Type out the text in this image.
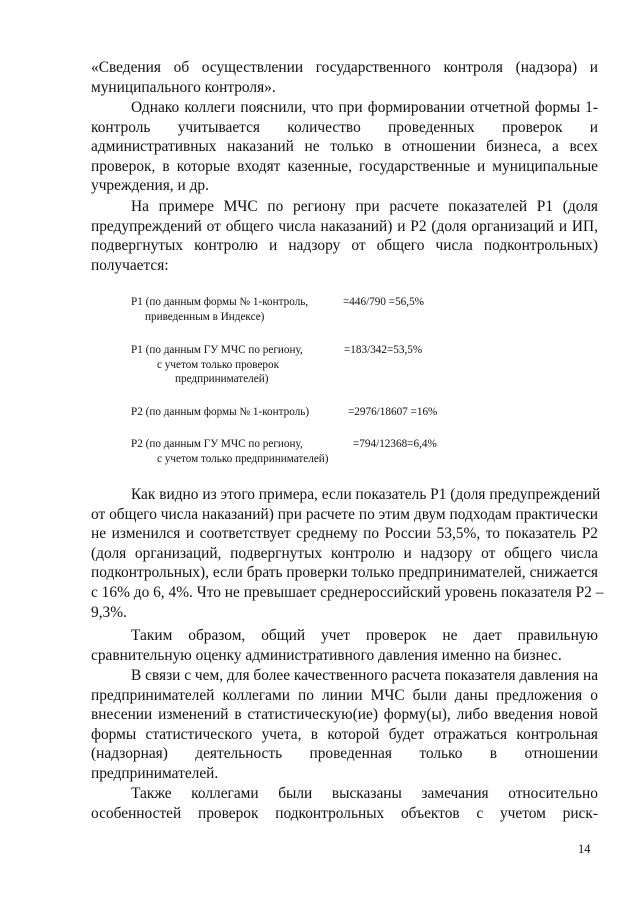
«Сведения об осуществлении государственного контроля (надзора) и
муниципального контроля».
Однако коллеги пояснили, что при формировании отчетной формы 1-
контроль учитывается количество проведенных проверок и
административных наказаний не только в отношении бизнеса, а всех
проверок, в которые входят казенные, государственные и муниципальные
учреждения, и др.
На примере МЧС по региону при расчете показателей Р1 (доля
предупреждений от общего числа наказаний) и Р2 (доля организаций и ИП,
подвергнутых контролю и надзору от общего числа подконтрольных)
получается:
Р1 (по данным формы № 1-контроль,	=446/790 =56,5%
приведенным в Индексе)
Р1 (по данным ГУ МЧС по региону,	=183/342=53,5%
с учетом только проверок
предпринимателей)
Р2 (по данным формы № 1-контроль)	=2976/18607 =16%
Р2 (по данным ГУ МЧС по региону,	=794/12368=6,4%
с учетом только предпринимателей)
Как видно из этого примера, если показатель Р1 (доля предупреждений
от общего числа наказаний) при расчете по этим двум подходам практически
не изменился и соответствует среднему по России 53,5%, то показатель Р2
(доля организаций, подвергнутых контролю и надзору от общего числа
подконтрольных), если брать проверки только предпринимателей, снижается
с 16% до 6, 4%. Что не превышает среднероссийский уровень показателя Р2 –
9,3%.
Таким образом, общий учет проверок не дает правильную
сравнительную оценку административного давления именно на бизнес.
В связи с чем, для более качественного расчета показателя давления на
предпринимателей коллегами по линии МЧС были даны предложения о
внесении изменений в статистическую(ие) форму(ы), либо введения новой
формы статистического учета, в которой будет отражаться контрольная
(надзорная) деятельность проведенная только в отношении
предпринимателей.
Также коллегами были высказаны замечания относительно
особенностей проверок подконтрольных объектов с учетом риск-
14
